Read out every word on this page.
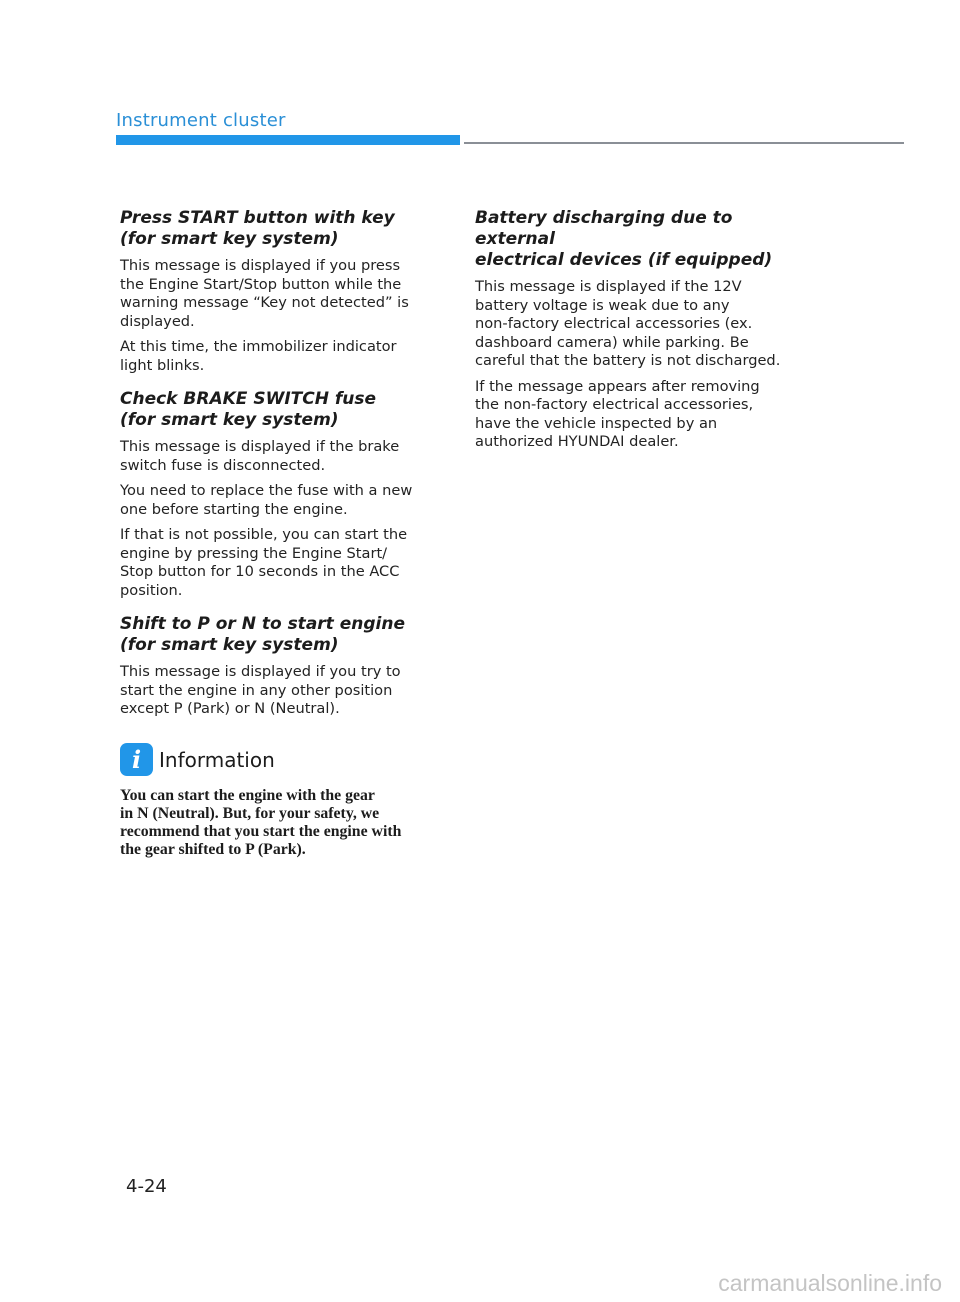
Instrument cluster
Press START button with key
(for smart key system)

This message is displayed if you press
the Engine Start/Stop button while the
warning message “Key not detected” is
displayed.

At this time, the immobilizer indicator
light blinks.

Check BRAKE SWITCH fuse
(for smart key system)

This message is displayed if the brake
switch fuse is disconnected.

You need to replace the fuse with a new
one before starting the engine.

If that is not possible, you can start the
engine by pressing the Engine Start/
Stop button for 10 seconds in the ACC
position.

Shift to P or N to start engine
(for smart key system)

This message is displayed if you try to
start the engine in any other position
except P (Park) or N (Neutral).

i Information

You can start the engine with the gear
in N (Neutral). But, for your safety, we
recommend that you start the engine with
the gear shifted to P (Park).

Battery discharging due to external
electrical devices (if equipped)

This message is displayed if the 12V
battery voltage is weak due to any
non-factory electrical accessories (ex.
dashboard camera) while parking. Be
careful that the battery is not discharged.

If the message appears after removing
the non-factory electrical accessories,
have the vehicle inspected by an
authorized HYUNDAI dealer.

4-24
carmanualsonline.info
